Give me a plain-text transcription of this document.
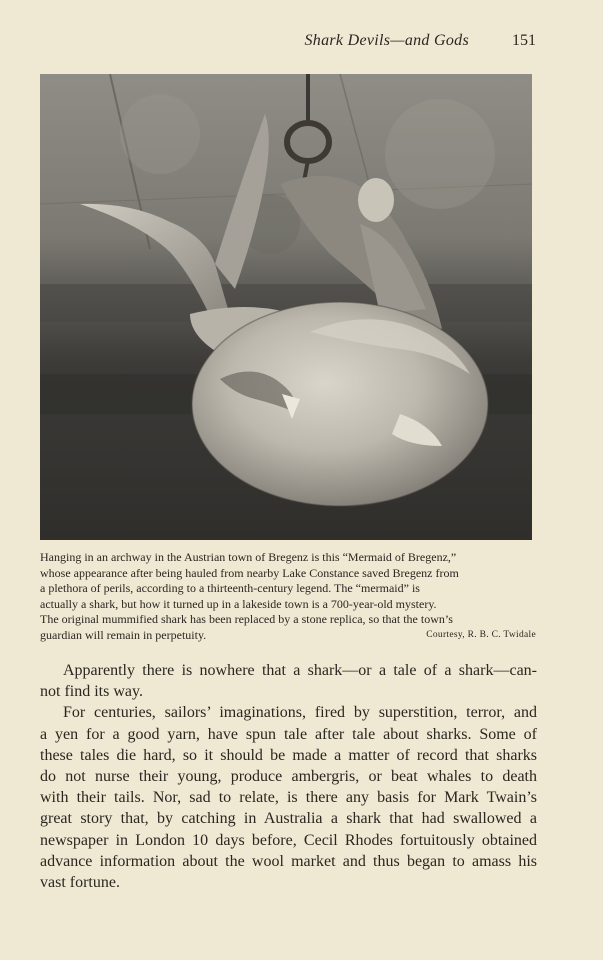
Shark Devils—and Gods	151
Hanging in an archway in the Austrian town of Bregenz is this “Mermaid of Bregenz,”
whose appearance after being hauled from nearby Lake Constance saved Bregenz from
a plethora of perils, according to a thirteenth-century legend. The “mermaid” is
actually a shark, but how it turned up in a lakeside town is a 700-year-old mystery.
The original mummified shark has been replaced by a stone replica, so that the town’s
guardian will remain in perpetuity.	Courtesy, R. B. C. Twidale

Apparently there is nowhere that a shark—or a tale of a shark—can-
not find its way.

For centuries, sailors’ imaginations, fired by superstition, terror, and
a yen for a good yarn, have spun tale after tale about sharks. Some of
these tales die hard, so it should be made a matter of record that sharks
do not nurse their young, produce ambergris, or beat whales to death
with their tails. Nor, sad to relate, is there any basis for Mark Twain’s
great story that, by catching in Australia a shark that had swallowed a
newspaper in London 10 days before, Cecil Rhodes fortuitously obtained
advance information about the wool market and thus began to amass his
vast fortune.
